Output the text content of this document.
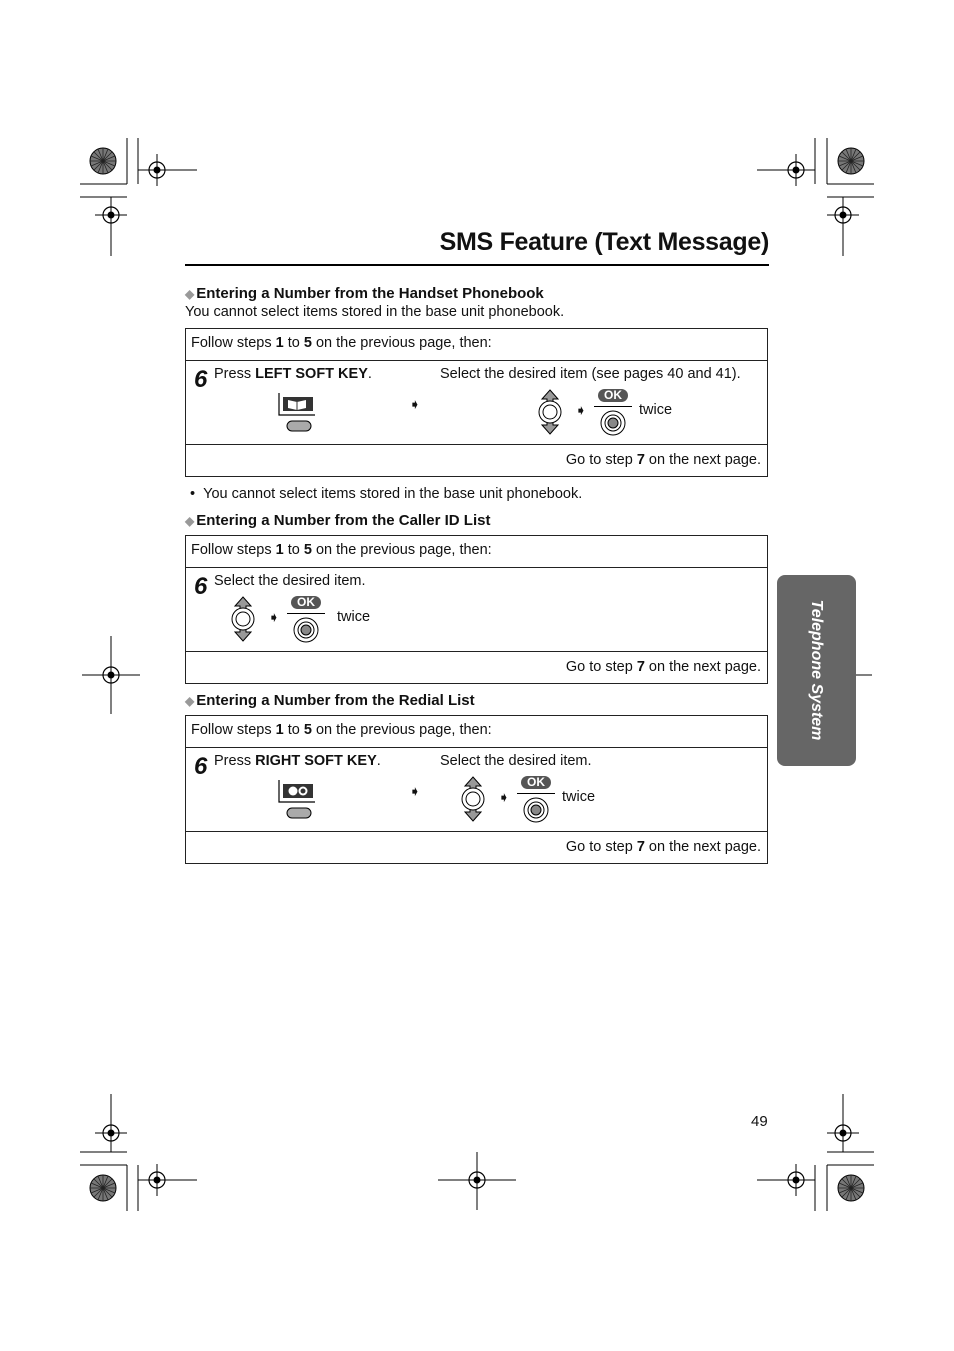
SMS Feature (Text Message)
◆ Entering a Number from the Handset Phonebook
You cannot select items stored in the base unit phonebook.
Follow steps 1 to 5 on the previous page, then:
6 Press LEFT SOFT KEY.	Select the desired item (see pages 40 and 41).
➧	➧
OK
twice
Go to step 7 on the next page.
• You cannot select items stored in the base unit phonebook.
◆ Entering a Number from the Caller ID List
Follow steps 1 to 5 on the previous page, then:
6 Select the desired item.
➧
OK
twice
Go to step 7 on the next page.
◆ Entering a Number from the Redial List
Follow steps 1 to 5 on the previous page, then:
6 Press RIGHT SOFT KEY.	Select the desired item.
➧	➧
OK
twice
Go to step 7 on the next page.
Telephone System
49
